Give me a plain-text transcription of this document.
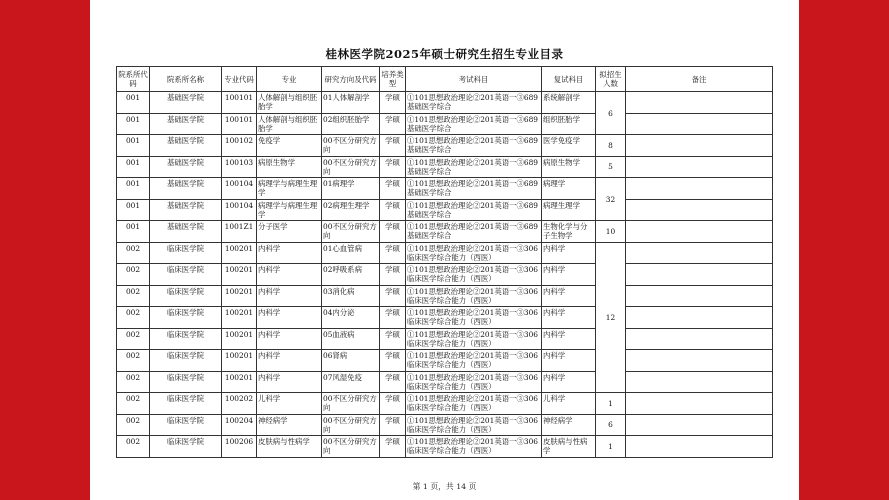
桂林医学院2025年硕士研究生招生专业目录
院系所代码	院系所名称	专业代码	专业	研究方向及代码	培养类型	考试科目	复试科目	拟招生人数	备注

001	基础医学院	100101	人体解剖与组织胚胎学	01人体解剖学	学硕	①101思想政治理论②201英语一③689基础医学综合	系统解剖学	6	

001	基础医学院	100101	人体解剖与组织胚胎学	02组织胚胎学	学硕	①101思想政治理论②201英语一③689基础医学综合	组织胚胎学		

001	基础医学院	100102	免疫学	00不区分研究方向	学硕	①101思想政治理论②201英语一③689基础医学综合	医学免疫学	8	

001	基础医学院	100103	病原生物学	00不区分研究方向	学硕	①101思想政治理论②201英语一③689基础医学综合	病原生物学	5	

001	基础医学院	100104	病理学与病理生理学	01病理学	学硕	①101思想政治理论②201英语一③689基础医学综合	病理学	32	

001	基础医学院	100104	病理学与病理生理学	02病理生理学	学硕	①101思想政治理论②201英语一③689基础医学综合	病理生理学		

001	基础医学院	1001Z1	分子医学	00不区分研究方向	学硕	①101思想政治理论②201英语一③689基础医学综合	生物化学与分子生物学	10	

002	临床医学院	100201	内科学	01心血管病	学硕	①101思想政治理论②201英语一③306临床医学综合能力（西医）	内科学	12	

002	临床医学院	100201	内科学	02呼吸系病	学硕	①101思想政治理论②201英语一③306临床医学综合能力（西医）	内科学		

002	临床医学院	100201	内科学	03消化病	学硕	①101思想政治理论②201英语一③306临床医学综合能力（西医）	内科学		

002	临床医学院	100201	内科学	04内分泌	学硕	①101思想政治理论②201英语一③306临床医学综合能力（西医）	内科学		

002	临床医学院	100201	内科学	05血液病	学硕	①101思想政治理论②201英语一③306临床医学综合能力（西医）	内科学		

002	临床医学院	100201	内科学	06肾病	学硕	①101思想政治理论②201英语一③306临床医学综合能力（西医）	内科学		

002	临床医学院	100201	内科学	07风湿免疫	学硕	①101思想政治理论②201英语一③306临床医学综合能力（西医）	内科学		

002	临床医学院	100202	儿科学	00不区分研究方向	学硕	①101思想政治理论②201英语一③306临床医学综合能力（西医）	儿科学	1	

002	临床医学院	100204	神经病学	00不区分研究方向	学硕	①101思想政治理论②201英语一③306临床医学综合能力（西医）	神经病学	6	

002	临床医学院	100206	皮肤病与性病学	00不区分研究方向	学硕	①101思想政治理论②201英语一③306临床医学综合能力（西医）	皮肤病与性病学	1	
第 1 页，共 14 页
